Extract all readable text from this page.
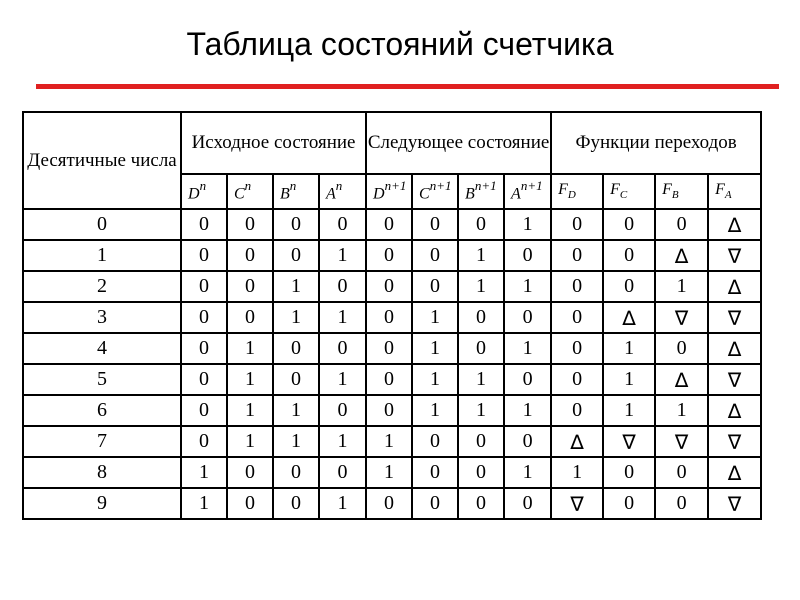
Таблица состояний счетчика
Десятичные числа	Исходное состояние				Следующее состояние				Функции переходов			
	$D^n$	$C^n$	$B^n$	$A^n$	$D^{n+1}$	$C^{n+1}$	$B^{n+1}$	$A^{n+1}$	$F_D$	$F_C$	$F_B$	$F_A$
0	0	0	0	0	0	0	0	1	0	0	0	∆
1	0	0	0	1	0	0	1	0	0	0	∆	∇
2	0	0	1	0	0	0	1	1	0	0	1	∆
3	0	0	1	1	0	1	0	0	0	∆	∇	∇
4	0	1	0	0	0	1	0	1	0	1	0	∆
5	0	1	0	1	0	1	1	0	0	1	∆	∇
6	0	1	1	0	0	1	1	1	0	1	1	∆
7	0	1	1	1	1	0	0	0	∆	∇	∇	∇
8	1	0	0	0	1	0	0	1	1	0	0	∆
9	1	0	0	1	0	0	0	0	∇	0	0	∇
